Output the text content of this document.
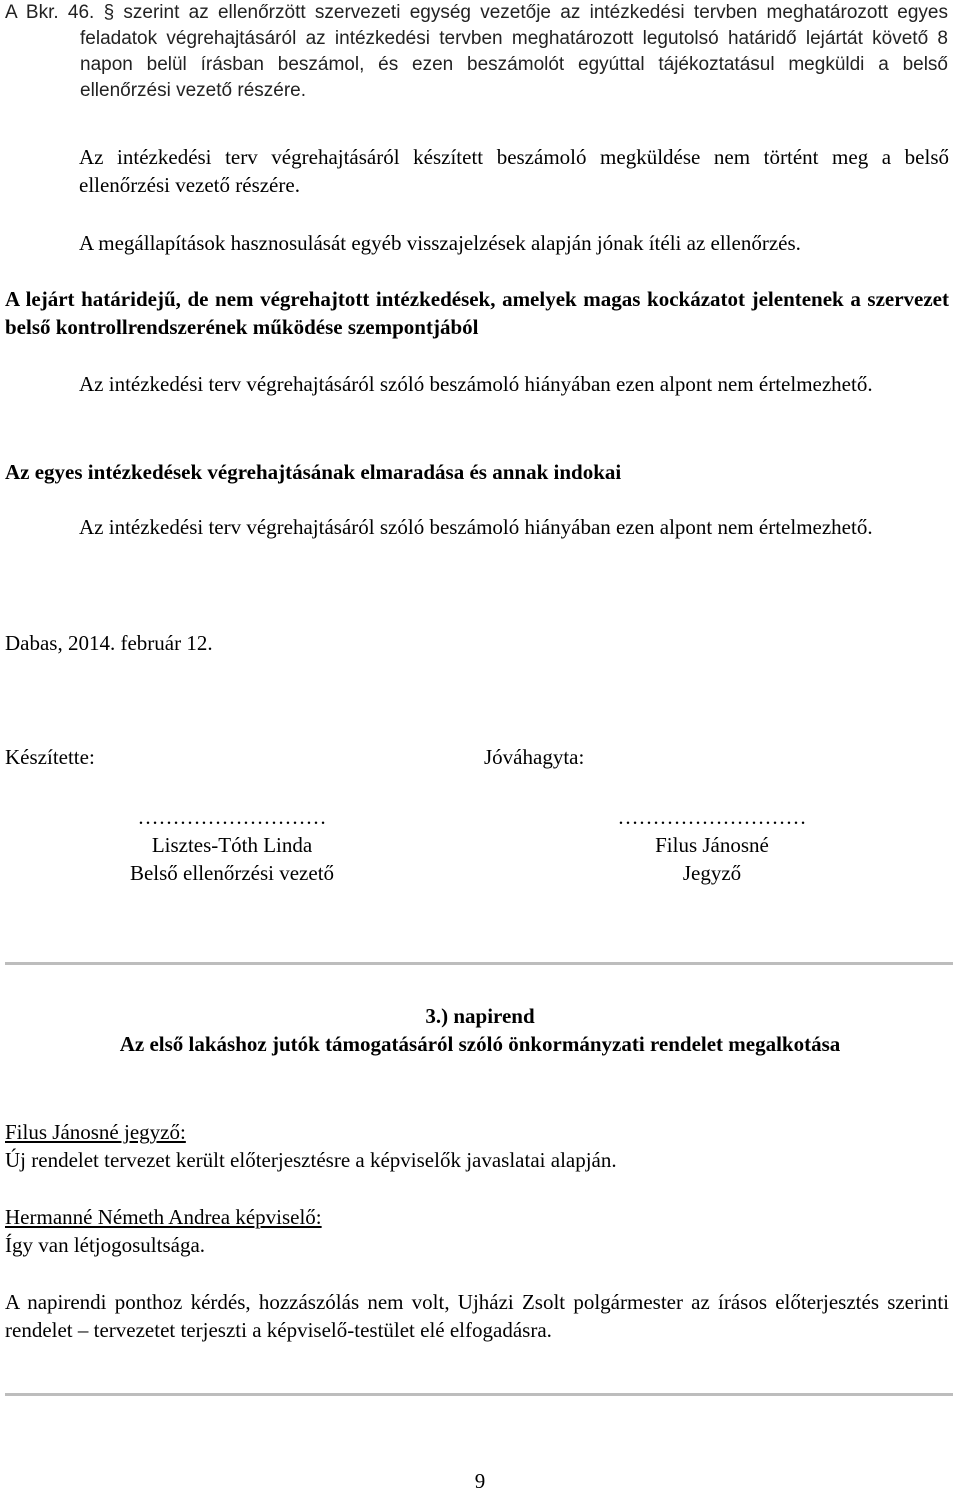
A Bkr. 46. § szerint az ellenőrzött szervezeti egység vezetője az intézkedési tervben meghatározott egyes feladatok végrehajtásáról az intézkedési tervben meghatározott legutolsó határidő lejártát követő 8 napon belül írásban beszámol, és ezen beszámolót egyúttal tájékoztatásul megküldi a belső ellenőrzési vezető részére.
Az intézkedési terv végrehajtásáról készített beszámoló megküldése nem történt meg a belső ellenőrzési vezető részére.
A megállapítások hasznosulását egyéb visszajelzések alapján jónak ítéli az ellenőrzés.
A lejárt határidejű, de nem végrehajtott intézkedések, amelyek magas kockázatot jelentenek a szervezet belső kontrollrendszerének működése szempontjából
Az intézkedési terv végrehajtásáról szóló beszámoló hiányában ezen alpont nem értelmezhető.
Az egyes intézkedések végrehajtásának elmaradása és annak indokai
Az intézkedési terv végrehajtásáról szóló beszámoló hiányában ezen alpont nem értelmezhető.
Dabas, 2014. február 12.
Készítette:	Jóváhagyta:
………………………
Lisztes-Tóth Linda
Belső ellenőrzési vezető
………………………
Filus Jánosné
Jegyző
3.) napirend
Az első lakáshoz jutók támogatásáról szóló önkormányzati rendelet megalkotása
Filus Jánosné jegyző:
Új rendelet tervezet került előterjesztésre a képviselők javaslatai alapján.
Hermanné Németh Andrea képviselő:
Így van létjogosultsága.
A napirendi ponthoz kérdés, hozzászólás nem volt, Ujházi Zsolt polgármester az írásos előterjesztés szerinti rendelet – tervezetet terjeszti a képviselő-testület elé elfogadásra.
9
